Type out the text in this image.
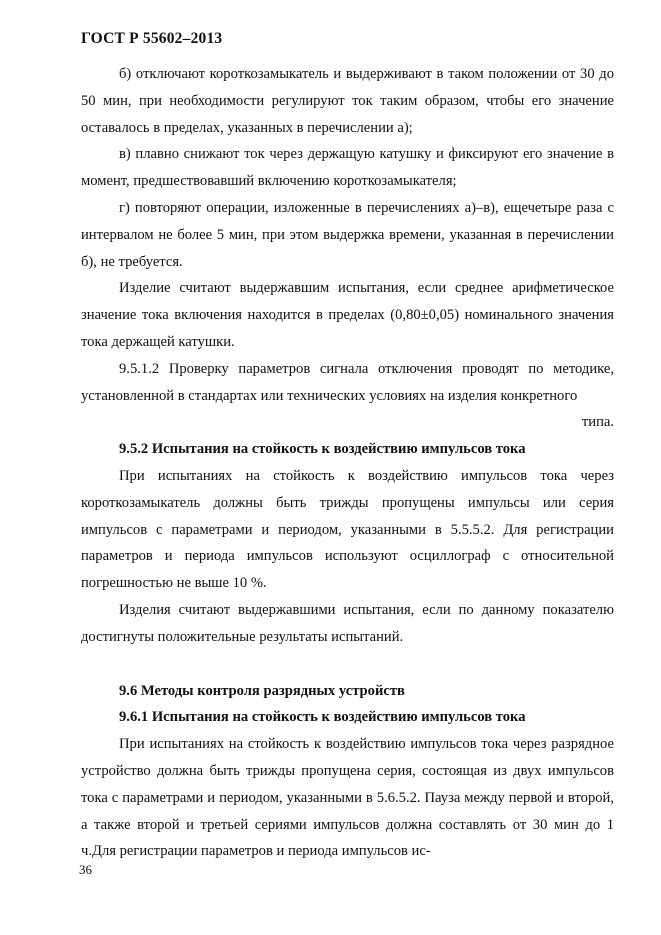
ГОСТ Р 55602–2013

б) отключают короткозамыкатель и выдерживают в таком положении от 30 до 50 мин, при необходимости регулируют ток таким образом, чтобы его значение оставалось в пределах, указанных в перечислении а);

в) плавно снижают ток через держащую катушку и фиксируют его значение в момент, предшествовавший включению короткозамыкателя;

г) повторяют операции, изложенные в перечислениях а)–в), ещечетыре раза с интервалом не более 5 мин, при этом выдержка времени, указанная в перечислении б), не требуется.

Изделие считают выдержавшим испытания, если среднее арифметическое значение тока включения находится в пределах (0,80±0,05) номинального значения тока держащей катушки.

9.5.1.2 Проверку параметров сигнала отключения проводят по методике, установленной в стандартах или технических условиях на изделия конкретного

типа.

9.5.2 Испытания на стойкость к воздействию импульсов тока

При испытаниях на стойкость к воздействию импульсов тока через короткозамыкатель должны быть трижды пропущены импульсы или серия импульсов с параметрами и периодом, указанными в 5.5.5.2. Для регистрации параметров и периода импульсов используют осциллограф с относительной погрешностью не выше 10 %.

Изделия считают выдержавшими испытания, если по данному показателю достигнуты положительные результаты испытаний.

9.6 Методы контроля разрядных устройств
9.6.1 Испытания на стойкость к воздействию импульсов тока

При испытаниях на стойкость к воздействию импульсов тока через разрядное устройство должна быть трижды пропущена серия, состоящая из двух импульсов тока с параметрами и периодом, указанными в 5.6.5.2. Пауза между первой и второй, а также второй и третьей сериями импульсов должна составлять от 30 мин до 1 ч.Для регистрации параметров и периода импульсов ис-

36
